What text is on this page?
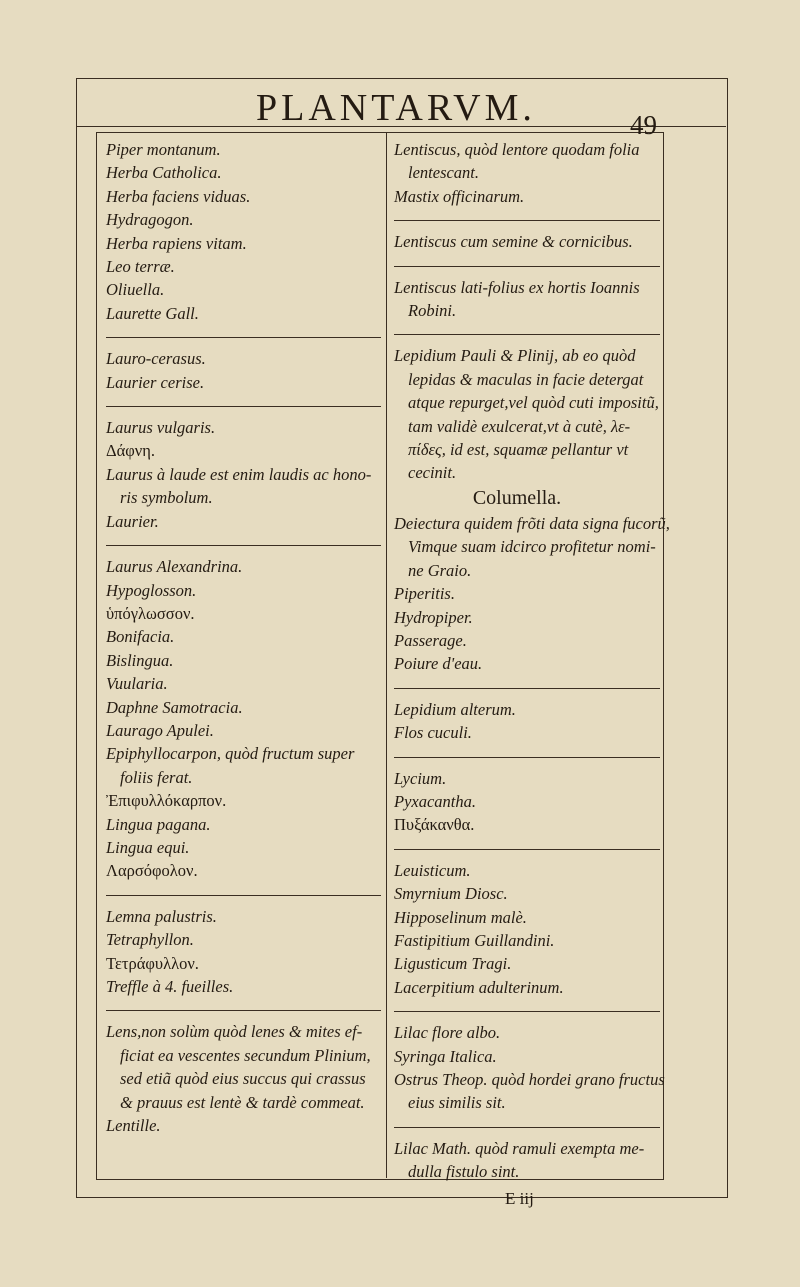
PLANTARVM.	49
E iij
Piper montanum.
Herba Catholica.
Herba faciens viduas.
Hydragogon.
Herba rapiens vitam.
Leo terræ.
Oliuella.
Laurette Gall.
Lauro-cerasus.
Laurier cerise.
Laurus vulgaris.
Δάφνη.
Laurus à laude est enim laudis ac hono-
ris symbolum.
Laurier.
Laurus Alexandrina.
Hypoglosson.
ὑπόγλωσσον.
Bonifacia.
Bislingua.
Vuularia.
Daphne Samotracia.
Laurago Apulei.
Epiphyllocarpon, quòd fructum super
foliis ferat.
Ἐπιφυλλόκαρπον.
Lingua pagana.
Lingua equi.
Λαρσόφολον.
Lemna palustris.
Tetraphyllon.
Τετράφυλλον.
Treffle à 4. fueilles.
Lens,non solùm quòd lenes & mites ef-
ficiat ea vescentes secundum Plinium,
sed etiã quòd eius succus qui crassus
& prauus est lentè & tardè commeat.
Lentille.
Lentiscus, quòd lentore quodam folia
lentescant.
Mastix officinarum.
Lentiscus cum semine & cornicibus.
Lentiscus lati-folius ex hortis Ioannis
Robini.
Lepidium Pauli & Plinij, ab eo quòd
lepidas & maculas in facie detergat
atque repurget,vel quòd cuti impositũ,
tam validè exulcerat,vt à cutè, λε-
πίδες, id est, squamæ pellantur vt
cecinit.
Columella.
Deiectura quidem frõti data signa fucorũ,
Vimque suam idcirco profitetur nomi-
ne Graio.
Piperitis.
Hydropiper.
Passerage.
Poiure d'eau.
Lepidium alterum.
Flos cuculi.
Lycium.
Pyxacantha.
Πυξάκανθα.
Leuisticum.
Smyrnium Diosc.
Hipposelinum malè.
Fastipitium Guillandini.
Ligusticum Tragi.
Lacerpitium adulterinum.
Lilac flore albo.
Syringa Italica.
Ostrus Theop. quòd hordei grano fructus
eius similis sit.
Lilac Math. quòd ramuli exempta me-
dulla fistulo sint.
